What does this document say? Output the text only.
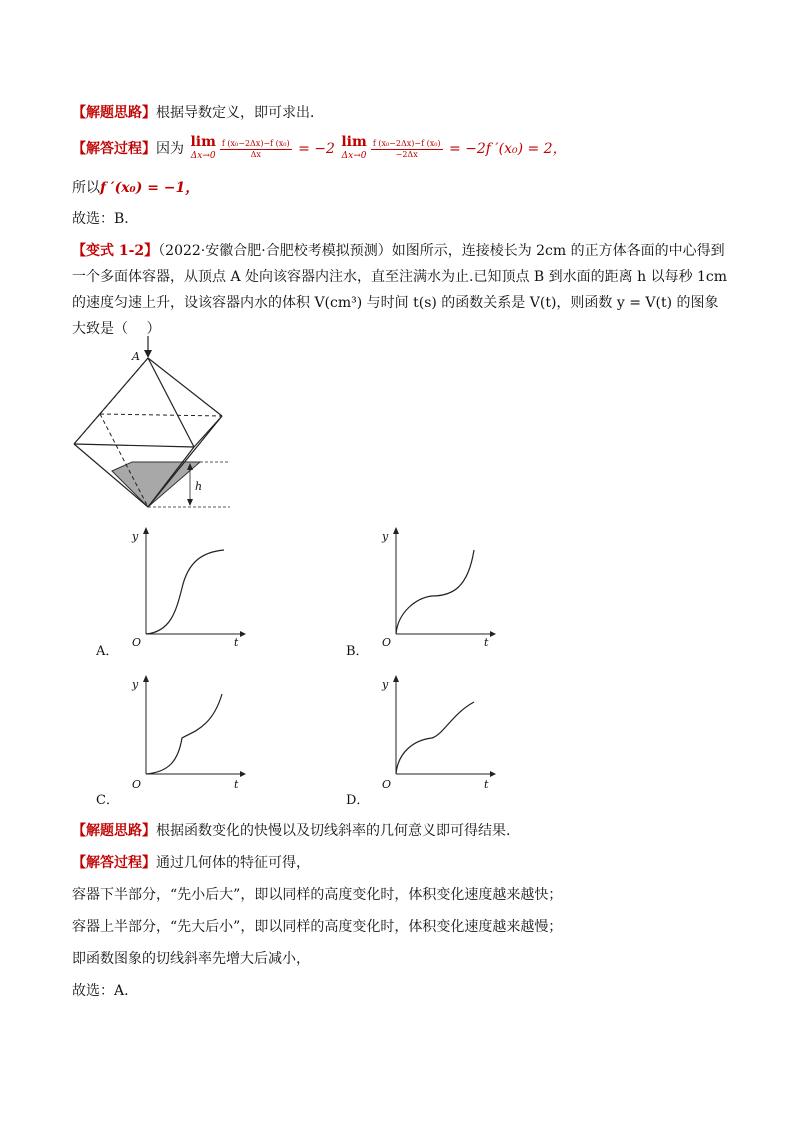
【解题思路】根据导数定义，即可求出．
【解答过程】因为 lim
$\Delta x\to 0 \frac{\text{f (x₀−2Δx)−f (x₀)}}{\Delta x} = -2$ lim
$\Delta x\to 0 \frac{\text{f (x₀−2Δx)−f (x₀)}}{-2\Delta x} = -2f$ ′(x₀) = 2，
所以f ′(x₀) = −1，
故选：B.
【变式 1-2】（2022·安徽合肥·合肥校考模拟预测）如图所示，连接棱长为 2cm 的正方体各面的中心得到一个多面体容器，从顶点 A 处向该容器内注水，直至注满水为止.已知顶点 B 到水面的距离 h 以每秒 1cm 的速度匀速上升，设该容器内水的体积 V(cm³) 与时间 t(s) 的函数关系是 V(t)，则函数 y = V(t) 的图象大致是（　 ）
A
h
y
t
O
A．
y
t
O
B．
y
t
O
C．
y
t
O
D．
【解题思路】根据函数变化的快慢以及切线斜率的几何意义即可得结果.
【解答过程】通过几何体的特征可得，
容器下半部分，“先小后大”，即以同样的高度变化时，体积变化速度越来越快；
容器上半部分，“先大后小”，即以同样的高度变化时，体积变化速度越来越慢；
即函数图象的切线斜率先增大后减小，
故选：A.
